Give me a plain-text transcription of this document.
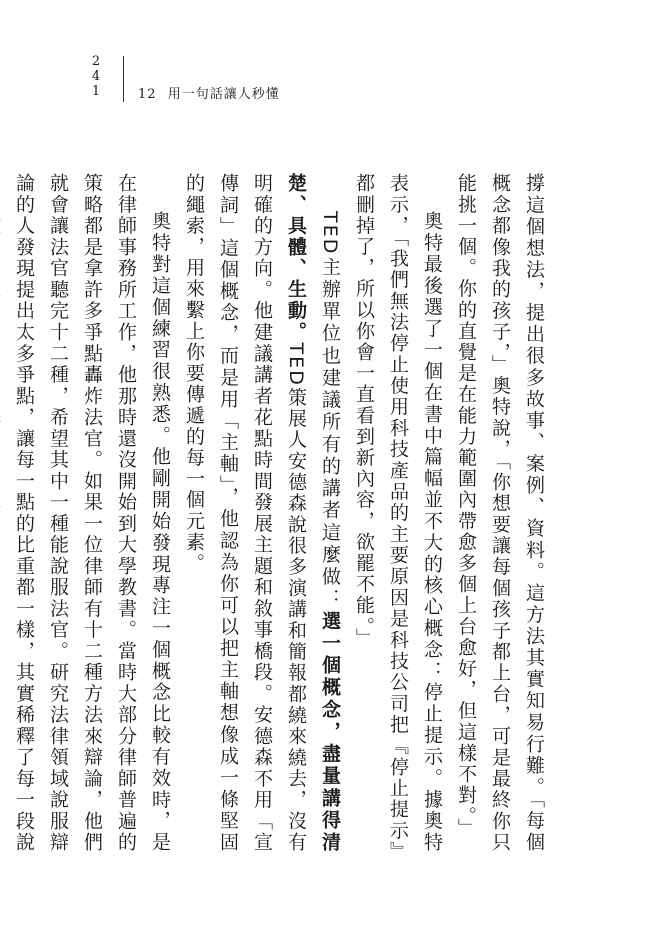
2
4
1	12 用一句話讓人秒懂

撐這個想法，提出很多故事、案例、資料。這方法其實知易行難。「每個概念都像我的孩子，」奧特說，「你想要讓每個孩子都上台，可是最終你只能挑一個。你的直覺是在能力範圍內帶愈多個上台愈好，但這樣不對。」

奧特最後選了一個在書中篇幅並不大的核心概念：停止提示。據奧特表示，「我們無法停止使用科技產品的主要原因是科技公司把『停止提示』都刪掉了，所以你會一直看到新內容，欲罷不能。」

TED主辦單位也建議所有的講者這麼做：選一個概念，盡量講得清楚、具體、生動。TED策展人安德森說很多演講和簡報都繞來繞去，沒有明確的方向。他建議講者花點時間發展主題和敘事橋段。安德森不用「宣傳詞」這個概念，而是用「主軸」，他認為你可以把主軸想像成一條堅固的繩索，用來繫上你要傳遞的每一個元素。

奧特對這個練習很熟悉。他剛開始發現專注一個概念比較有效時，是在律師事務所工作，他那時還沒開始到大學教書。當時大部分律師普遍的策略都是拿許多爭點轟炸法官。如果一位律師有十二種方法來辯論，他們就會讓法官聽完十二種，希望其中一種能說服法官。研究法律領域說服辯論的人發現提出太多爭點，讓每一點的比重都一樣，其實稀釋了每一段說
